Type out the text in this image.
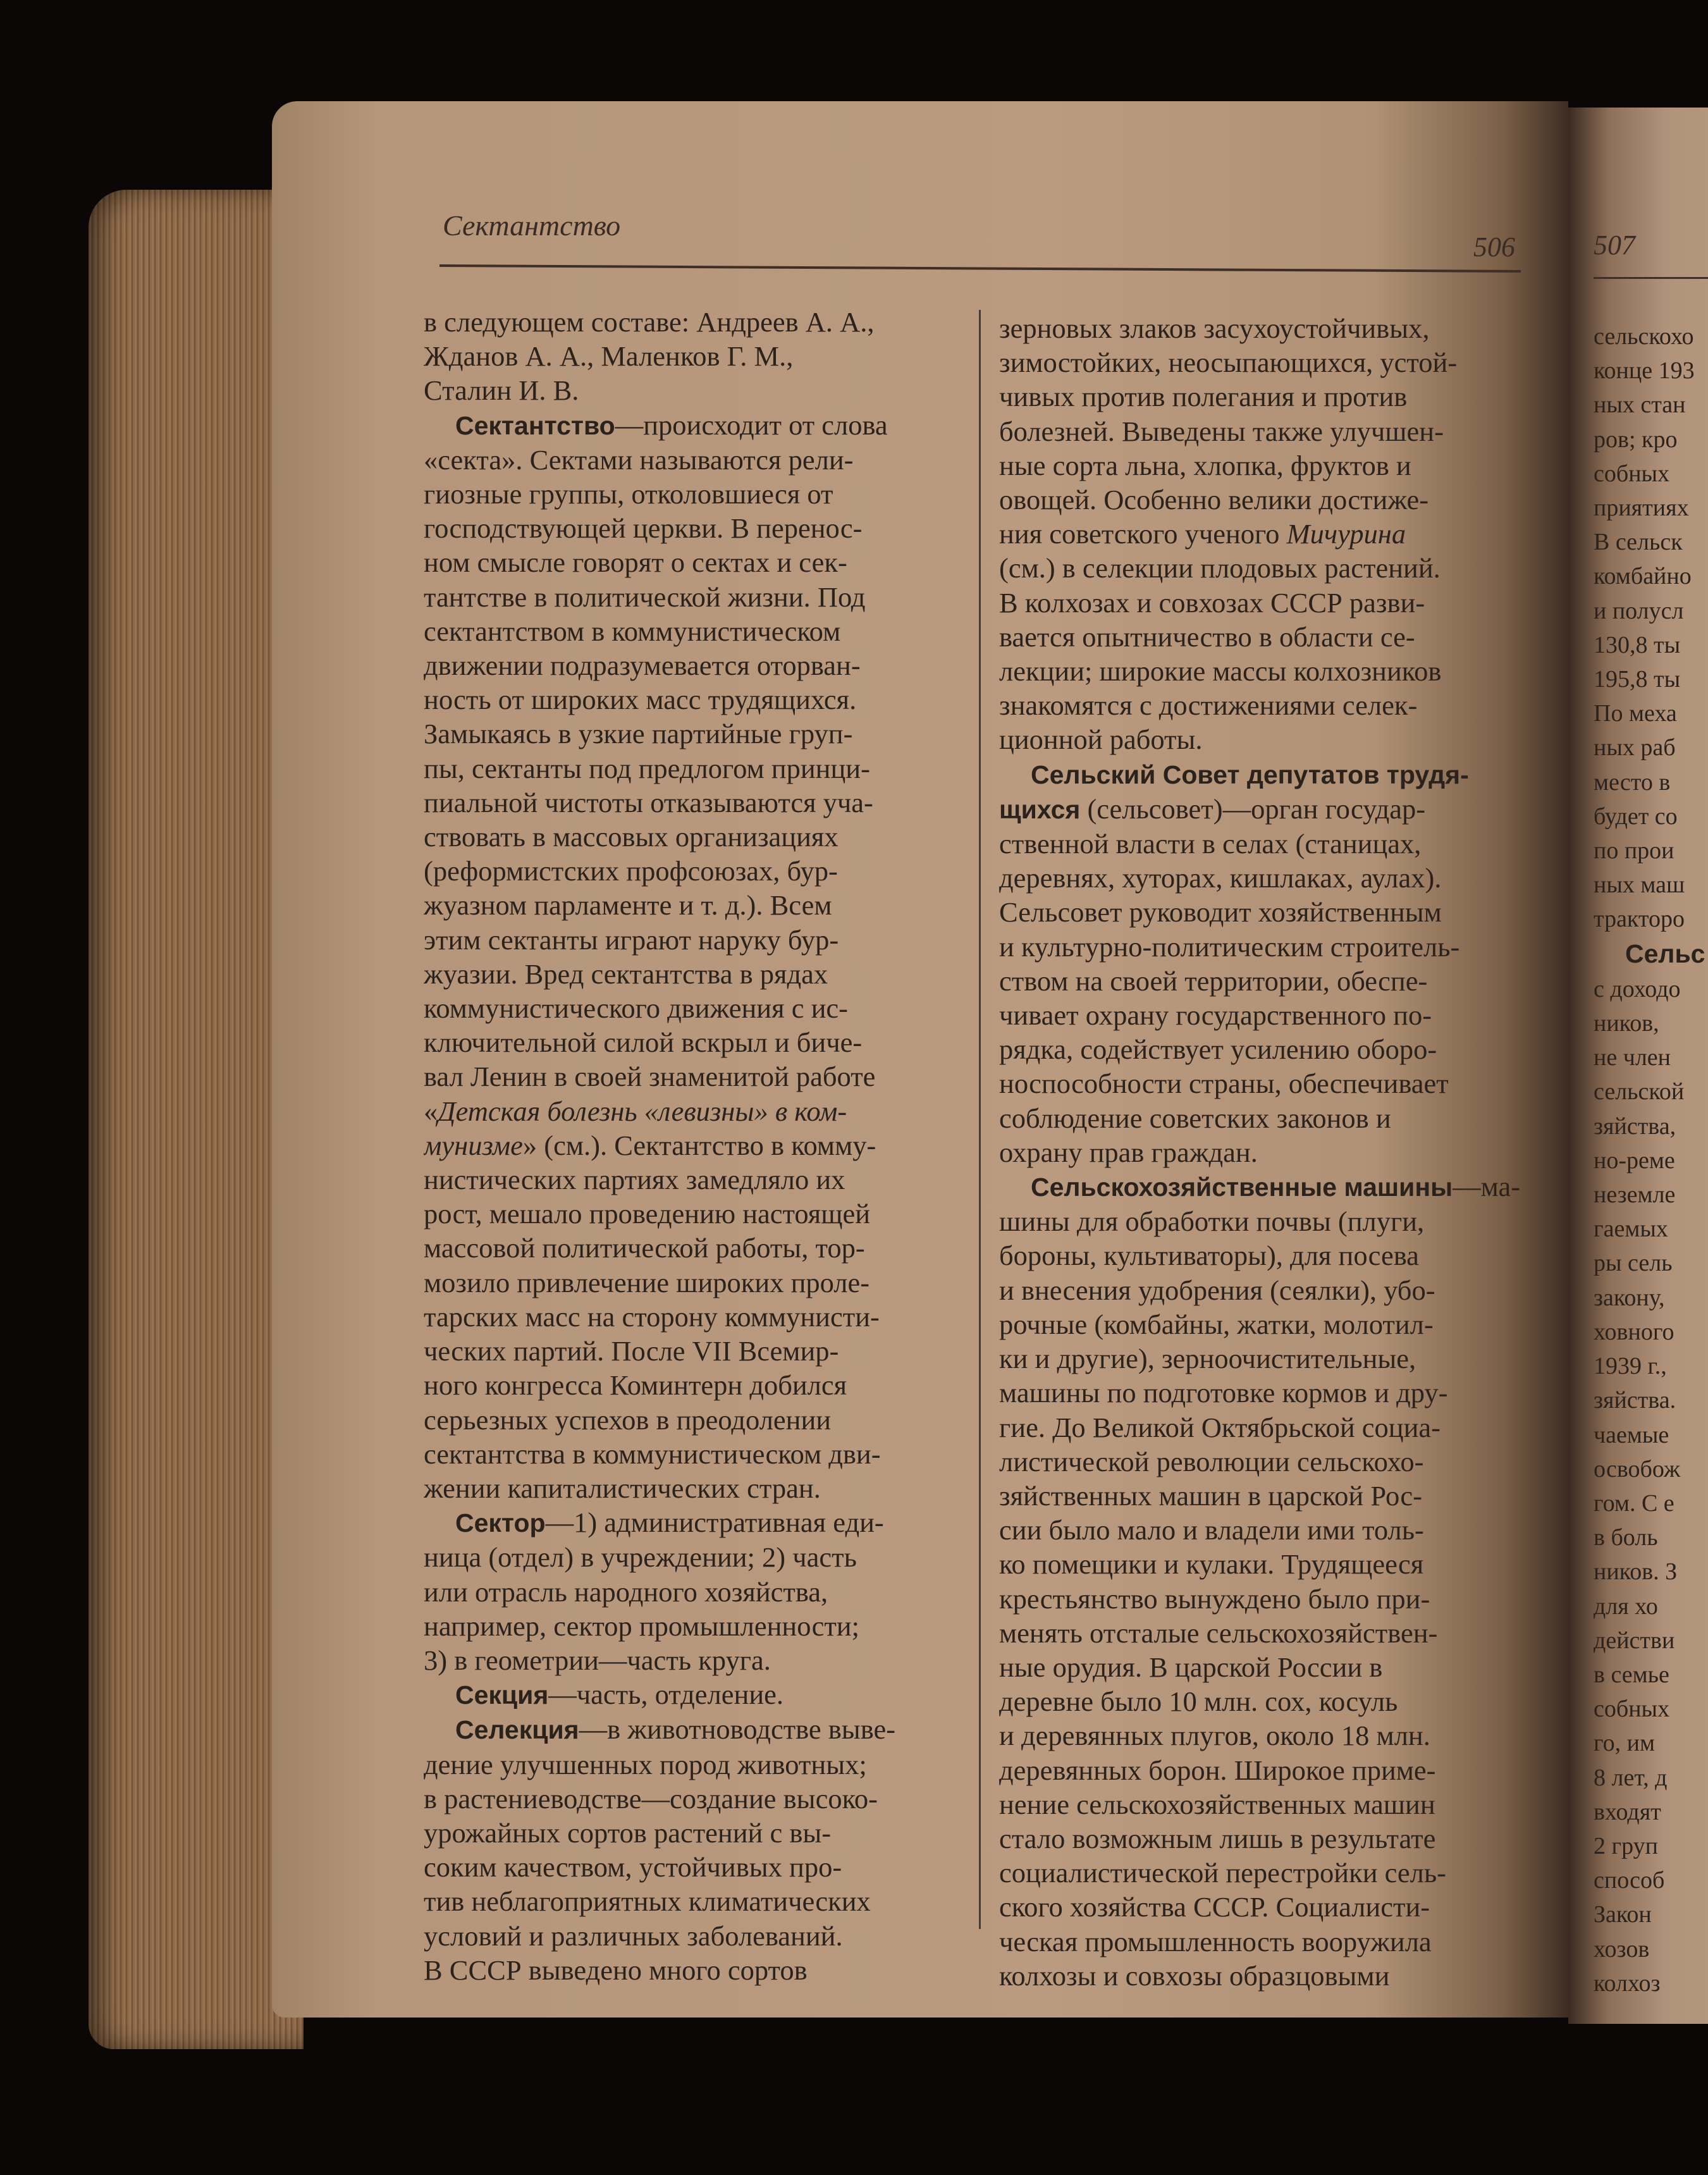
Сектантство
506	507
в следующем составе: Андреев А. А.,
Жданов А. А., Маленков Г. М.,
Сталин И. В.
Сектантство—происходит от слова
«секта». Сектами называются рели-
гиозные группы, отколовшиеся от
господствующей церкви. В перенос-
ном смысле говорят о сектах и сек-
тантстве в политической жизни. Под
сектантством в коммунистическом
движении подразумевается оторван-
ность от широких масс трудящихся.
Замыкаясь в узкие партийные груп-
пы, сектанты под предлогом принци-
пиальной чистоты отказываются уча-
ствовать в массовых организациях
(реформистских профсоюзах, бур-
жуазном парламенте и т. д.). Всем
этим сектанты играют наруку бур-
жуазии. Вред сектантства в рядах
коммунистического движения с ис-
ключительной силой вскрыл и биче-
вал Ленин в своей знаменитой работе
«Детская болезнь «левизны» в ком-
мунизме» (см.). Сектантство в комму-
нистических партиях замедляло их
рост, мешало проведению настоящей
массовой политической работы, тор-
мозило привлечение широких проле-
тарских масс на сторону коммунисти-
ческих партий. После VII Всемир-
ного конгресса Коминтерн добился
серьезных успехов в преодолении
сектантства в коммунистическом дви-
жении капиталистических стран.
Сектор—1) административная еди-
ница (отдел) в учреждении; 2) часть
или отрасль народного хозяйства,
например, сектор промышленности;
3) в геометрии—часть круга.
Секция—часть, отделение.
Селекция—в животноводстве выве-
дение улучшенных пород животных;
в растениеводстве—создание высоко-
урожайных сортов растений с вы-
соким качеством, устойчивых про-
тив неблагоприятных климатических
условий и различных заболеваний.
В СССР выведено много сортов
зерновых злаков засухоустойчивых,
зимостойких, неосыпающихся, устой-
чивых против полегания и против
болезней. Выведены также улучшен-
ные сорта льна, хлопка, фруктов и
овощей. Особенно велики достиже-
ния советского ученого Мичурина
(см.) в селекции плодовых растений.
В колхозах и совхозах СССР разви-
вается опытничество в области се-
лекции; широкие массы колхозников
знакомятся с достижениями селек-
ционной работы.
Сельский Совет депутатов трудя-
щихся (сельсовет)—орган государ-
ственной власти в селах (станицах,
деревнях, хуторах, кишлаках, аулах).
Сельсовет руководит хозяйственным
и культурно-политическим строитель-
ством на своей территории, обеспе-
чивает охрану государственного по-
рядка, содействует усилению оборо-
носпособности страны, обеспечивает
соблюдение советских законов и
охрану прав граждан.
Сельскохозяйственные машины—ма-
шины для обработки почвы (плуги,
бороны, культиваторы), для посева
и внесения удобрения (сеялки), убо-
рочные (комбайны, жатки, молотил-
ки и другие), зерноочистительные,
машины по подготовке кормов и дру-
гие. До Великой Октябрьской социа-
листической революции сельскохо-
зяйственных машин в царской Рос-
сии было мало и владели ими толь-
ко помещики и кулаки. Трудящееся
крестьянство вынуждено было при-
менять отсталые сельскохозяйствен-
ные орудия. В царской России в
деревне было 10 млн. сох, косуль
и деревянных плугов, около 18 млн.
деревянных борон. Широкое приме-
нение сельскохозяйственных машин
стало возможным лишь в результате
социалистической перестройки сель-
ского хозяйства СССР. Социалисти-
ческая промышленность вооружила
колхозы и совхозы образцовыми
сельскохо
конце 193
ных стан
ров; кро
собных
приятиях
В сельск
комбайно
и полусл
130,8 ты
195,8 ты
По меха
ных раб
место в
будет со
по прои
ных маш
тракторо
Сельс
с доходо
ников,
не член
сельской
зяйства,
но-реме
неземле
гаемых
ры сель
закону,
ховного
1939 г.,
зяйства.
чаемые
освобож
гом. С е
в боль
ников. З
для хо
действи
в семье
собных
го, им
8 лет, д
входят
2 груп
способ
Закон
хозов
колхоз
